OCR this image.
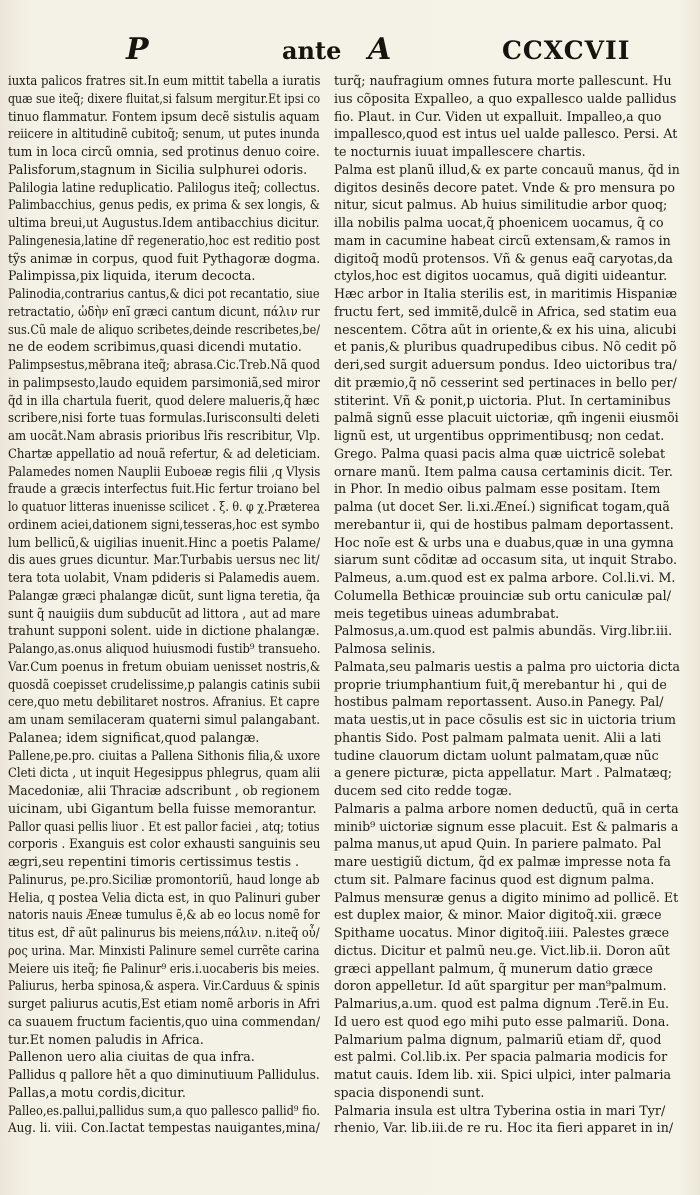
P	ante A	CCXCVII
iuxta palicos fratres sit.In eum mittit tabella a iuratis
quæ sue iteq̃; dixere fluitat,si falsum mergitur.Et ipsi co
tinuo flammatur. Fontem ipsum decẽ sistulis aquam
reiicere in altitudinẽ cubitoq̃; senum, ut putes inunda
tum in loca circũ omnia, sed protinus denuo coire.
Palisforum,stagnum in Sicilia sulphurei odoris.
Palilogia latine reduplicatio. Palilogus iteq̃; collectus.
Palimbacchius, genus pedis, ex prima & sex longis, &
ultima breui,ut Augustus.Idem antibacchius dicitur.
Palingenesia,latine dr̃ regeneratio,hoc est reditio post
tỹs animæ in corpus, quod fuit Pythagoræ dogma.
Palimpissa,pix liquida, iterum decocta.
Palinodia,contrarius cantus,& dici pot recantatio, siue
retractatio, ὠδὴν enĩ græci cantum dicunt, πάλιν rur
sus.Cũ male de aliquo scribetes,deinde rescribetes,be/
ne de eodem scribimus,quasi dicendi mutatio.
Palimpsestus,mẽbrana iteq̃; abrasa.Cic.Treb.Nã quod
in palimpsesto,laudo equidem parsimoniã,sed miror
q̃d in illa chartula fuerit, quod delere malueris,q̃ hæc
scribere,nisi forte tuas formulas.Iurisconsulti deleti
am uocãt.Nam abrasis prioribus lr̃is rescribitur, Vlp.
Chartæ appellatio ad nouã refertur, & ad deleticiam.
Palamedes nomen Nauplii Euboeæ regis filii ,q Vlysis
fraude a græcis interfectus fuit.Hic fertur troiano bel
lo quatuor litteras inuenisse scilicet . ξ. θ. φ χ.Præterea
ordinem aciei,dationem signi,tesseras,hoc est symbo
lum bellicũ,& uigilias inuenit.Hinc a poetis Palame/
dis aues grues dicuntur. Mar.Turbabis uersus nec lit/
tera tota uolabit, Vnam pdideris si Palamedis auem.
Palangæ græci phalangæ dicũt, sunt ligna teretia, q̃a
sunt q̃ nauigiis dum subducũt ad littora , aut ad mare
trahunt supponi solent. uide in dictione phalangæ.
Palango,as.onus aliquod huiusmodi fustib⁹ transueho.
Var.Cum poenus in fretum obuiam uenisset nostris,&
quosdã coepisset crudelissime,p palangis catinis subii
cere,quo metu debilitaret nostros. Afranius. Et capre
am unam semilaceram quaterni simul palangabant.
Palanea; idem significat,quod palangæ.
Pallene,pe.pro. ciuitas a Pallena Sithonis filia,& uxore
Cleti dicta , ut inquit Hegesippus phlegrus, quam alii
Macedoniæ, alii Thraciæ adscribunt , ob regionem
uicinam, ubi Gigantum bella fuisse memorantur.
Pallor quasi pellis liuor . Et est pallor faciei , atq; totius
corporis . Exanguis est color exhausti sanguinis seu
ægri,seu repentini timoris certissimus testis .
Palinurus, pe.pro.Siciliæ promontoriũ, haud longe ab
Helia, q postea Velia dicta est, in quo Palinuri guber
natoris nauis Æneæ tumulus ẽ,& ab eo locus nomẽ for
titus est, dr̃ aũt palinurus bis meiens,πάλιν. n.iteq̃ οὖ/
ρος urina. Mar. Minxisti Palinure semel currẽte carina
Meiere uis iteq̃; fie Palinur⁹ eris.i.uocaberis bis meies.
Paliurus, herba spinosa,& aspera. Vir.Carduus & spinis
surget paliurus acutis,Est etiam nomẽ arboris in Afri
ca suauem fructum facientis,quo uina commendan/
tur.Et nomen paludis in Africa.
Pallenon uero alia ciuitas de qua infra.
Pallidus q pallore hẽt a quo diminutiuum Pallidulus.
Pallas,a motu cordis,dicitur.
Palleo,es.pallui,pallidus sum,a quo pallesco pallid⁹ fio.
Aug. li. viii. Con.Iactat tempestas nauigantes,mina/
turq̃; naufragium omnes futura morte pallescunt. Hu
ius cõposita Expalleo, a quo expallesco ualde pallidus
fio. Plaut. in Cur. Viden ut expalluit. Impalleo,a quo
impallesco,quod est intus uel ualde pallesco. Persi. At
te nocturnis iuuat impallescere chartis.
Palma est planũ illud,& ex parte concauũ manus, q̃d in
digitos desinẽs decore patet. Vnde & pro mensura po
nitur, sicut palmus. Ab huius similitudie arbor quoq;
illa nobilis palma uocat,q̃ phoenicem uocamus, q̃ co
mam in cacumine habeat circũ extensam,& ramos in
digitoq̃ modũ protensos. Vñ & genus eaq̃ caryotas,da
ctylos,hoc est digitos uocamus, quã digiti uideantur.
Hæc arbor in Italia sterilis est, in maritimis Hispaniæ
fructu fert, sed immitẽ,dulcẽ in Africa, sed statim eua
nescentem. Cõtra aũt in oriente,& ex his uina, alicubi
et panis,& pluribus quadrupedibus cibus. Nõ cedit põ
deri,sed surgit aduersum pondus. Ideo uictoribus tra/
dit præmio,q̃ nõ cesserint sed pertinaces in bello per/
stiterint. Vñ & ponit,p uictoria. Plut. In certaminibus
palmã signũ esse placuit uictoriæ, qm̃ ingenii eiusmõi
lignũ est, ut urgentibus opprimentibusq; non cedat.
Grego. Palma quasi pacis alma quæ uictricẽ solebat
ornare manũ. Item palma causa certaminis dicit. Ter.
in Phor. In medio oibus palmam esse positam. Item
palma (ut docet Ser. li.xi.Æneí.) significat togam,quã
merebantur ii, qui de hostibus palmam deportassent.
Hoc noĩe est & urbs una e duabus,quæ in una gymna
siarum sunt cõditæ ad occasum sita, ut inquit Strabo.
Palmeus, a.um.quod est ex palma arbore. Col.li.vi. M.
Columella Bethicæ prouinciæ sub ortu caniculæ pal/
meis tegetibus uineas adumbrabat.
Palmosus,a.um.quod est palmis abundãs. Virg.libr.iii.
Palmosa selinis.
Palmata,seu palmaris uestis a palma pro uictoria dicta
proprie triumphantium fuit,q̃ merebantur hi , qui de
hostibus palmam reportassent. Auso.in Panegy. Pal/
mata uestis,ut in pace cõsulis est sic in uictoria trium
phantis Sido. Post palmam palmata uenit. Alii a lati
tudine clauorum dictam uolunt palmatam,quæ nũc
a genere picturæ, picta appellatur. Mart . Palmatæq;
ducem sed cito redde togæ.
Palmaris a palma arbore nomen deductũ, quã in certa
minib⁹ uictoriæ signum esse placuit. Est & palmaris a
palma manus,ut apud Quin. In pariere palmato. Pal
mare uestigiũ dictum, q̃d ex palmæ impresse nota fa
ctum sit. Palmare facinus quod est dignum palma.
Palmus mensuræ genus a digito minimo ad pollicẽ. Et
est duplex maior, & minor. Maior digitoq̃.xii. græce
Spithame uocatus. Minor digitoq̃.iiii. Palestes græce
dictus. Dicitur et palmũ neu.ge. Vict.lib.ii. Doron aũt
græci appellant palmum, q̃ munerum datio græce
doron appelletur. Id aũt spargitur per man⁹palmum.
Palmarius,a.um. quod est palma dignum .Terẽ.in Eu.
Id uero est quod ego mihi puto esse palmariũ. Dona.
Palmarium palma dignum, palmariũ etiam dr̃, quod
est palmi. Col.lib.ix. Per spacia palmaria modicis for
matut cauis. Idem lib. xii. Spici ulpici, inter palmaria
spacia disponendi sunt.
Palmaria insula est ultra Tyberina ostia in mari Tyr/
rhenio, Var. lib.iii.de re ru. Hoc ita fieri apparet in in/
